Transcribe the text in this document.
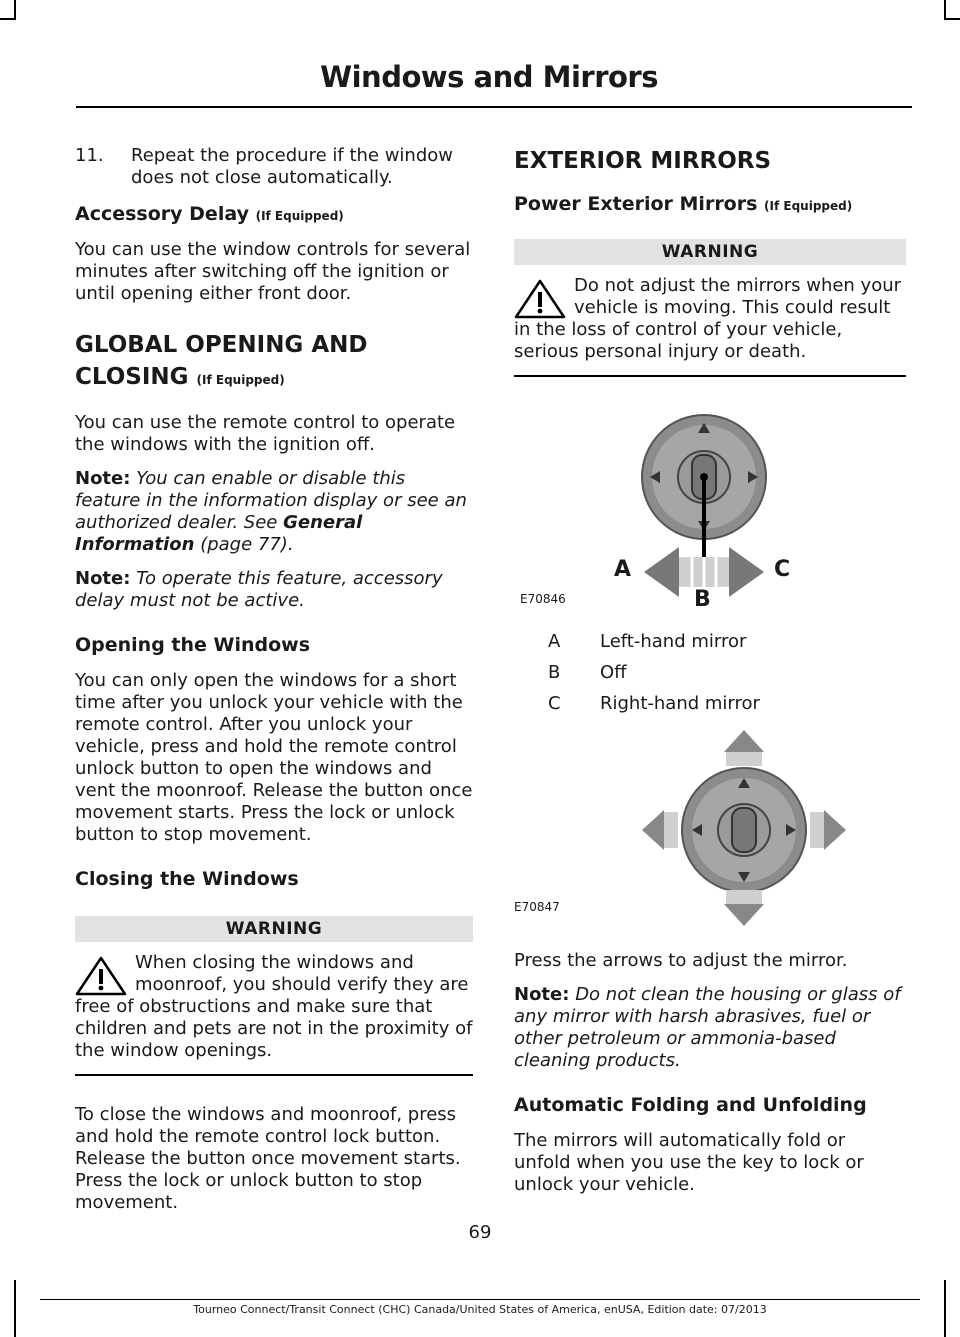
Windows and Mirrors
11.	Repeat the procedure if the window does not close automatically.
Accessory Delay (If Equipped)

You can use the window controls for several minutes after switching off the ignition or until opening either front door.

GLOBAL OPENING AND
CLOSING (If Equipped)

You can use the remote control to operate the windows with the ignition off.

Note: You can enable or disable this feature in the information display or see an authorized dealer. See General Information (page 77).

Note: To operate this feature, accessory delay must not be active.

Opening the Windows

You can only open the windows for a short time after you unlock your vehicle with the remote control. After you unlock your vehicle, press and hold the remote control unlock button to open the windows and vent the moonroof. Release the button once movement starts. Press the lock or unlock button to stop movement.

Closing the Windows
WARNING
When closing the windows and moonroof, you should verify they are free of obstructions and make sure that children and pets are not in the proximity of the window openings.

To close the windows and moonroof, press and hold the remote control lock button. Release the button once movement starts. Press the lock or unlock button to stop movement.

EXTERIOR MIRRORS
Power Exterior Mirrors (If Equipped)
WARNING
Do not adjust the mirrors when your vehicle is moving. This could result in the loss of control of your vehicle, serious personal injury or death.
A
B
C
E70846
A Left-hand mirror
B Off
C Right-hand mirror
E70847

Press the arrows to adjust the mirror.

Note: Do not clean the housing or glass of any mirror with harsh abrasives, fuel or other petroleum or ammonia-based cleaning products.

Automatic Folding and Unfolding

The mirrors will automatically fold or unfold when you use the key to lock or unlock your vehicle.

69
Tourneo Connect/Transit Connect (CHC) Canada/United States of America, enUSA, Edition date: 07/2013
